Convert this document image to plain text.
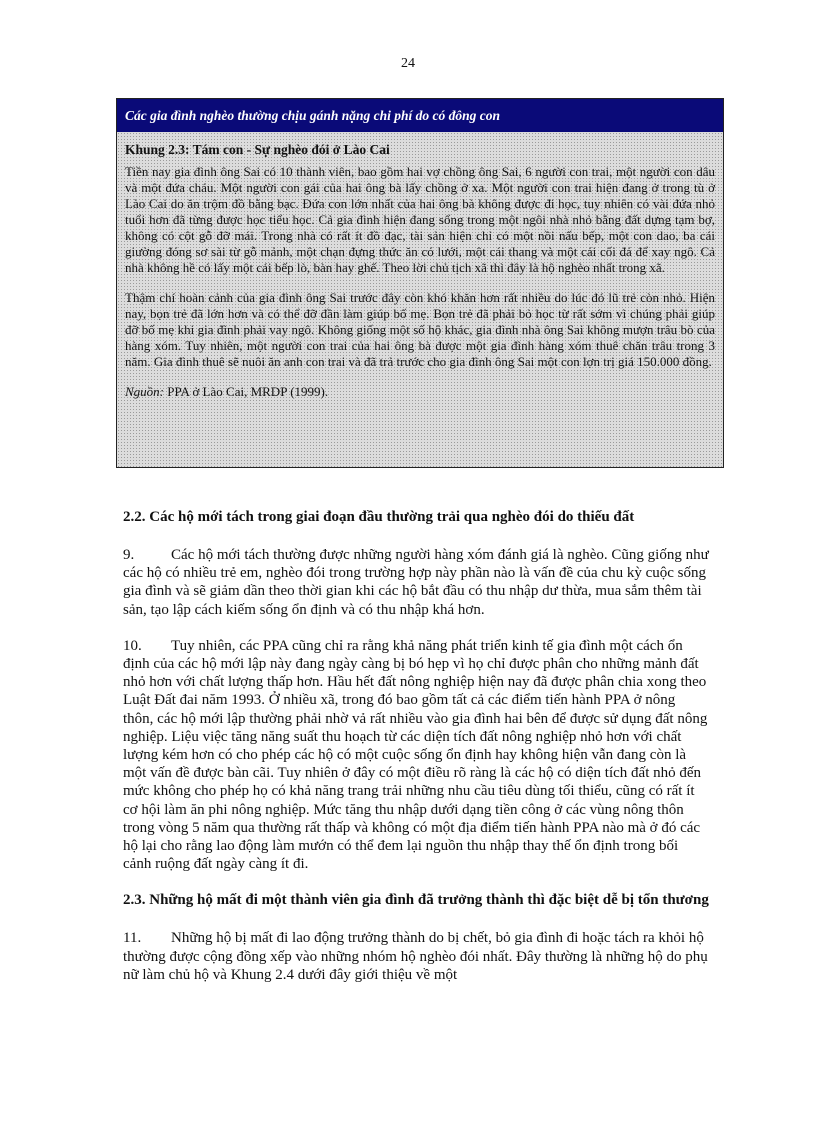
24
Các gia đình nghèo thường chịu gánh nặng chi phí do có đông con
Khung 2.3: Tám con - Sự nghèo đói ở Lào Cai

Tiền nay gia đình ông Sai có 10 thành viên, bao gồm hai vợ chồng ông Sai, 6 người con trai, một người con dâu và một đứa cháu. Một người con gái của hai ông bà lấy chồng ở xa. Một người con trai hiện đang ở trong tù ở Lào Cai do ăn trộm đồ bằng bạc. Đứa con lớn nhất của hai ông bà không được đi học, tuy nhiên có vài đứa nhỏ tuổi hơn đã từng được học tiểu học. Cả gia đình hiện đang sống trong một ngôi nhà nhỏ bằng đất dựng tạm bợ, không có cột gỗ đỡ mái. Trong nhà có rất ít đồ đạc, tài sản hiện chỉ có một nồi nấu bếp, một con dao, ba cái giường đóng sơ sài từ gỗ mảnh, một chạn đựng thức ăn có lưới, một cái thang và một cái cối đá để xay ngô. Cả nhà không hề có lấy một cái bếp lò, bàn hay ghế. Theo lời chủ tịch xã thì đây là hộ nghèo nhất trong xã.

Thậm chí hoàn cảnh của gia đình ông Sai trước đây còn khó khăn hơn rất nhiều do lúc đó lũ trẻ còn nhỏ. Hiện nay, bọn trẻ đã lớn hơn và có thể đỡ đần làm giúp bố mẹ. Bọn trẻ đã phải bỏ học từ rất sớm vì chúng phải giúp đỡ bố mẹ khi gia đình phải vay ngô. Không giống một số hộ khác, gia đình nhà ông Sai không mượn trâu bò của hàng xóm. Tuy nhiên, một người con trai của hai ông bà được một gia đình hàng xóm thuê chăn trâu trong 3 năm. Gia đình thuê sẽ nuôi ăn anh con trai và đã trả trước cho gia đình ông Sai một con lợn trị giá 150.000 đồng.

Nguồn: PPA ở Lào Cai, MRDP (1999).

2.2. Các hộ mới tách trong giai đoạn đầu thường trải qua nghèo đói do thiếu đất

9. Các hộ mới tách thường được những người hàng xóm đánh giá là nghèo. Cũng giống như các hộ có nhiều trẻ em, nghèo đói trong trường hợp này phần nào là vấn đề của chu kỳ cuộc sống gia đình và sẽ giảm dần theo thời gian khi các hộ bắt đầu có thu nhập dư thừa, mua sắm thêm tài sản, tạo lập cách kiếm sống ổn định và có thu nhập khá hơn.

10. Tuy nhiên, các PPA cũng chỉ ra rằng khả năng phát triển kinh tế gia đình một cách ổn định của các hộ mới lập này đang ngày càng bị bó hẹp vì họ chỉ được phân cho những mảnh đất nhỏ hơn với chất lượng thấp hơn. Hầu hết đất nông nghiệp hiện nay đã được phân chia xong theo Luật Đất đai năm 1993. Ở nhiều xã, trong đó bao gồm tất cả các điểm tiến hành PPA ở nông thôn, các hộ mới lập thường phải nhờ vả rất nhiều vào gia đình hai bên để được sử dụng đất nông nghiệp. Liệu việc tăng năng suất thu hoạch từ các diện tích đất nông nghiệp nhỏ hơn với chất lượng kém hơn có cho phép các hộ có một cuộc sống ổn định hay không hiện vẫn đang còn là một vấn đề được bàn cãi. Tuy nhiên ở đây có một điều rõ ràng là các hộ có diện tích đất nhỏ đến mức không cho phép họ có khả năng trang trải những nhu cầu tiêu dùng tối thiểu, cũng có rất ít cơ hội làm ăn phi nông nghiệp. Mức tăng thu nhập dưới dạng tiền công ở các vùng nông thôn trong vòng 5 năm qua thường rất thấp và không có một địa điểm tiến hành PPA nào mà ở đó các hộ lại cho rằng lao động làm mướn có thể đem lại nguồn thu nhập thay thế ổn định trong bối cảnh ruộng đất ngày càng ít đi.

2.3. Những hộ mất đi một thành viên gia đình đã trưởng thành thì đặc biệt dễ bị tổn thương

11. Những hộ bị mất đi lao động trưởng thành do bị chết, bỏ gia đình đi hoặc tách ra khỏi hộ thường được cộng đồng xếp vào những nhóm hộ nghèo đói nhất. Đây thường là những hộ do phụ nữ làm chủ hộ và Khung 2.4 dưới đây giới thiệu về một
